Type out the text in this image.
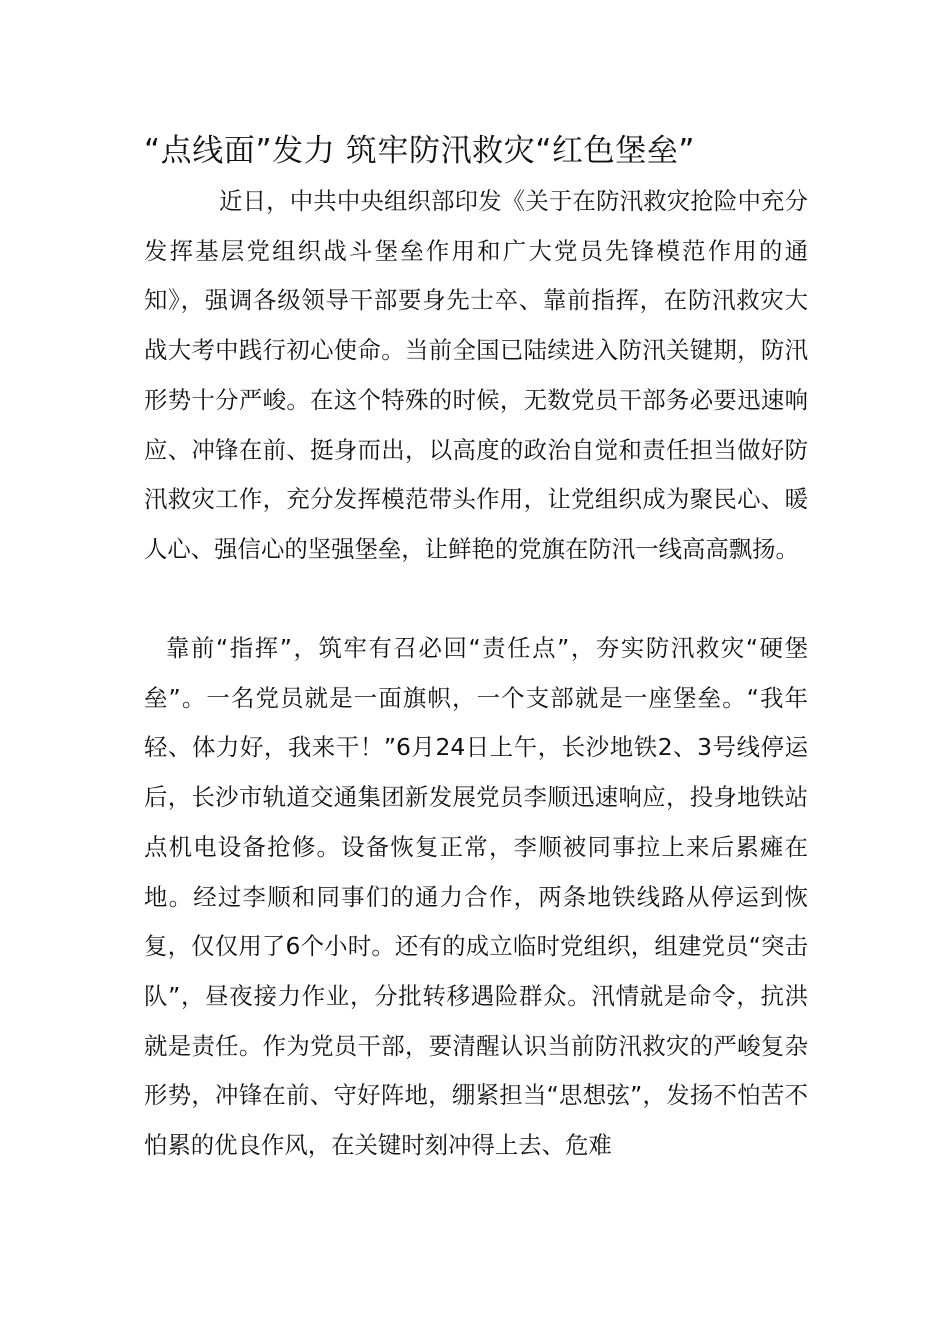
“点线面”发力 筑牢防汛救灾“红色堡垒”

近日，中共中央组织部印发《关于在防汛救灾抢险中充分发挥基层党组织战斗堡垒作用和广大党员先锋模范作用的通知》，强调各级领导干部要身先士卒、靠前指挥，在防汛救灾大战大考中践行初心使命。当前全国已陆续进入防汛关键期，防汛形势十分严峻。在这个特殊的时候，无数党员干部务必要迅速响应、冲锋在前、挺身而出，以高度的政治自觉和责任担当做好防汛救灾工作，充分发挥模范带头作用，让党组织成为聚民心、暖人心、强信心的坚强堡垒，让鲜艳的党旗在防汛一线高高飘扬。

靠前“指挥”，筑牢有召必回“责任点”，夯实防汛救灾“硬堡垒”。一名党员就是一面旗帜，一个支部就是一座堡垒。“我年轻、体力好，我来干！”6月24日上午，长沙地铁2、3号线停运后，长沙市轨道交通集团新发展党员李顺迅速响应，投身地铁站点机电设备抢修。设备恢复正常，李顺被同事拉上来后累瘫在地。经过李顺和同事们的通力合作，两条地铁线路从停运到恢复，仅仅用了6个小时。还有的成立临时党组织，组建党员“突击队”，昼夜接力作业，分批转移遇险群众。汛情就是命令，抗洪就是责任。作为党员干部，要清醒认识当前防汛救灾的严峻复杂形势，冲锋在前、守好阵地，绷紧担当“思想弦”，发扬不怕苦不怕累的优良作风，在关键时刻冲得上去、危难
